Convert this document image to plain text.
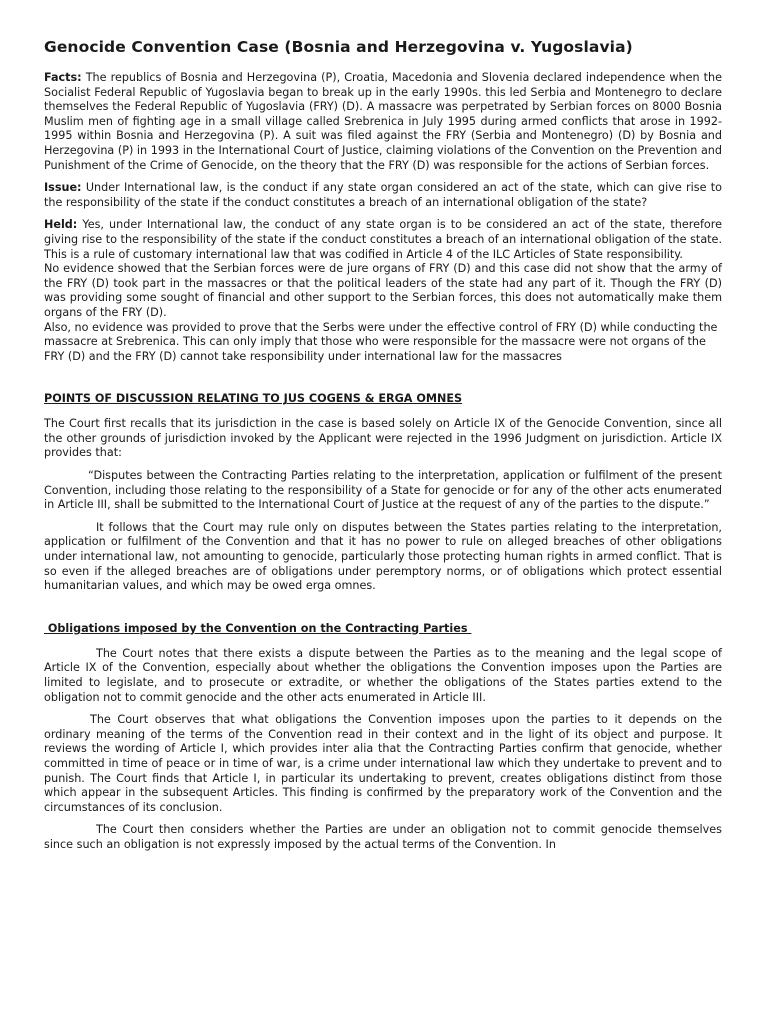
Genocide Convention Case (Bosnia and Herzegovina v. Yugoslavia)

Facts: The republics of Bosnia and Herzegovina (P), Croatia, Macedonia and Slovenia declared independence when the Socialist Federal Republic of Yugoslavia began to break up in the early 1990s. this led Serbia and Montenegro to declare themselves the Federal Republic of Yugoslavia (FRY) (D). A massacre was perpetrated by Serbian forces on 8000 Bosnia Muslim men of fighting age in a small village called Srebrenica in July 1995 during armed conflicts that arose in 1992-1995 within Bosnia and Herzegovina (P). A suit was filed against the FRY (Serbia and Montenegro) (D) by Bosnia and Herzegovina (P) in 1993 in the International Court of Justice, claiming violations of the Convention on the Prevention and Punishment of the Crime of Genocide, on the theory that the FRY (D) was responsible for the actions of Serbian forces.

Issue: Under International law, is the conduct if any state organ considered an act of the state, which can give rise to the responsibility of the state if the conduct constitutes a breach of an international obligation of the state?

Held: Yes, under International law, the conduct of any state organ is to be considered an act of the state, therefore giving rise to the responsibility of the state if the conduct constitutes a breach of an international obligation of the state. This is a rule of customary international law that was codified in Article 4 of the ILC Articles of State responsibility.

No evidence showed that the Serbian forces were de jure organs of FRY (D) and this case did not show that the army of the FRY (D) took part in the massacres or that the political leaders of the state had any part of it. Though the FRY (D) was providing some sought of financial and other support to the Serbian forces, this does not automatically make them organs of the FRY (D).

Also, no evidence was provided to prove that the Serbs were under the effective control of FRY (D) while conducting the massacre at Srebrenica. This can only imply that those who were responsible for the massacre were not organs of the FRY (D) and the FRY (D) cannot take responsibility under international law for the massacres

POINTS OF DISCUSSION RELATING TO JUS COGENS & ERGA OMNES

The Court first recalls that its jurisdiction in the case is based solely on Article IX of the Genocide Convention, since all the other grounds of jurisdiction invoked by the Applicant were rejected in the 1996 Judgment on jurisdiction. Article IX provides that:

“Disputes between the Contracting Parties relating to the interpretation, application or fulfilment of the present Convention, including those relating to the responsibility of a State for genocide or for any of the other acts enumerated in Article III, shall be submitted to the International Court of Justice at the request of any of the parties to the dispute.”

It follows that the Court may rule only on disputes between the States parties relating to the interpretation, application or fulfilment of the Convention and that it has no power to rule on alleged breaches of other obligations under international law, not amounting to genocide, particularly those protecting human rights in armed conflict. That is so even if the alleged breaches are of obligations under peremptory norms, or of obligations which protect essential humanitarian values, and which may be owed erga omnes.

Obligations imposed by the Convention on the Contracting Parties

The Court notes that there exists a dispute between the Parties as to the meaning and the legal scope of Article IX of the Convention, especially about whether the obligations the Convention imposes upon the Parties are limited to legislate, and to prosecute or extradite, or whether the obligations of the States parties extend to the obligation not to commit genocide and the other acts enumerated in Article III.

The Court observes that what obligations the Convention imposes upon the parties to it depends on the ordinary meaning of the terms of the Convention read in their context and in the light of its object and purpose. It reviews the wording of Article I, which provides inter alia that the Contracting Parties confirm that genocide, whether committed in time of peace or in time of war, is a crime under international law which they undertake to prevent and to punish. The Court finds that Article I, in particular its undertaking to prevent, creates obligations distinct from those which appear in the subsequent Articles. This finding is confirmed by the preparatory work of the Convention and the circumstances of its conclusion.

The Court then considers whether the Parties are under an obligation not to commit genocide themselves since such an obligation is not expressly imposed by the actual terms of the Convention. In
